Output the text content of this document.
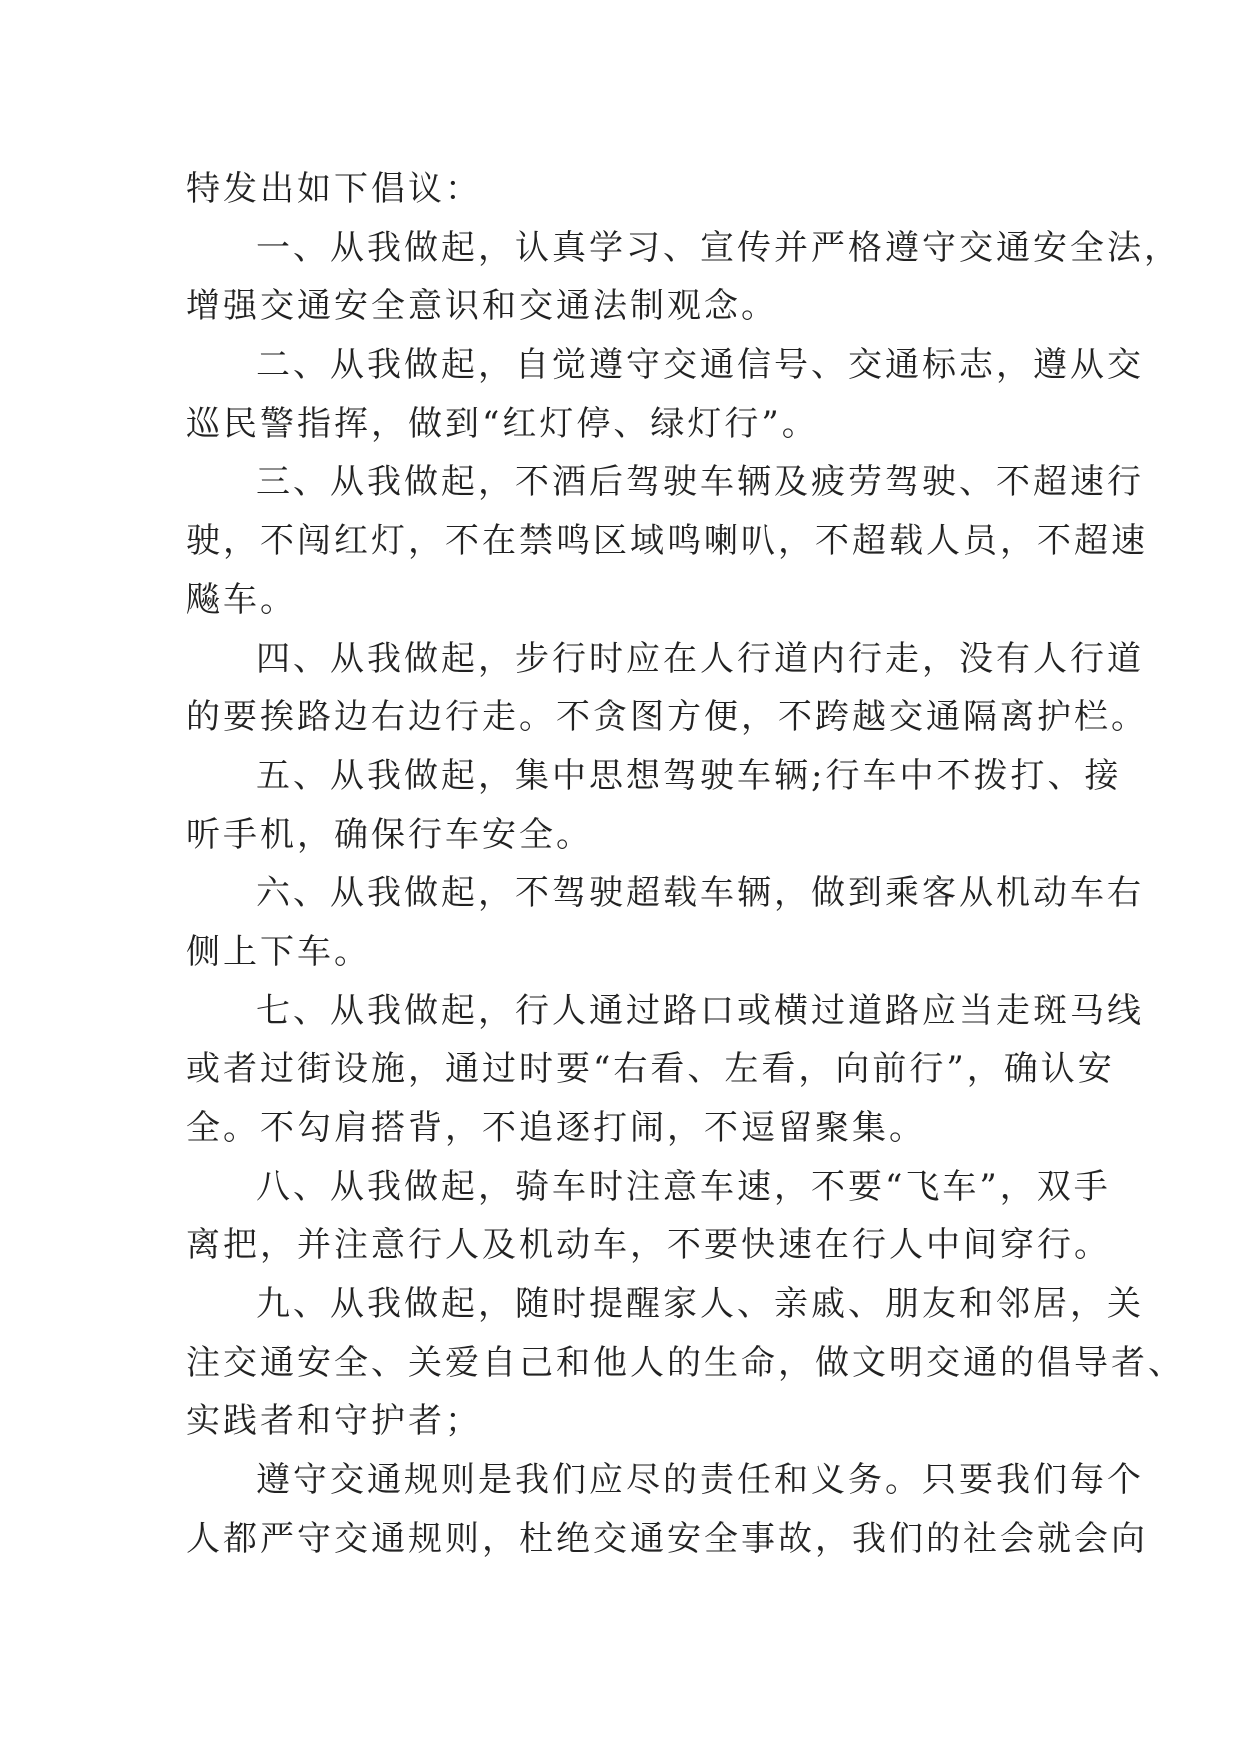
特发出如下倡议：
一、从我做起，认真学习、宣传并严格遵守交通安全法，
增强交通安全意识和交通法制观念。
二、从我做起，自觉遵守交通信号、交通标志，遵从交
巡民警指挥，做到“红灯停、绿灯行”。
三、从我做起，不酒后驾驶车辆及疲劳驾驶、不超速行
驶，不闯红灯，不在禁鸣区域鸣喇叭，不超载人员，不超速
飚车。
四、从我做起，步行时应在人行道内行走，没有人行道
的要挨路边右边行走。不贪图方便，不跨越交通隔离护栏。
五、从我做起，集中思想驾驶车辆;行车中不拨打、接
听手机，确保行车安全。
六、从我做起，不驾驶超载车辆，做到乘客从机动车右
侧上下车。
七、从我做起，行人通过路口或横过道路应当走斑马线
或者过街设施，通过时要“右看、左看，向前行”，确认安
全。不勾肩搭背，不追逐打闹，不逗留聚集。
八、从我做起，骑车时注意车速，不要“飞车”，双手
离把，并注意行人及机动车，不要快速在行人中间穿行。
九、从我做起，随时提醒家人、亲戚、朋友和邻居，关
注交通安全、关爱自己和他人的生命，做文明交通的倡导者、
实践者和守护者；
遵守交通规则是我们应尽的责任和义务。只要我们每个
人都严守交通规则，杜绝交通安全事故，我们的社会就会向
